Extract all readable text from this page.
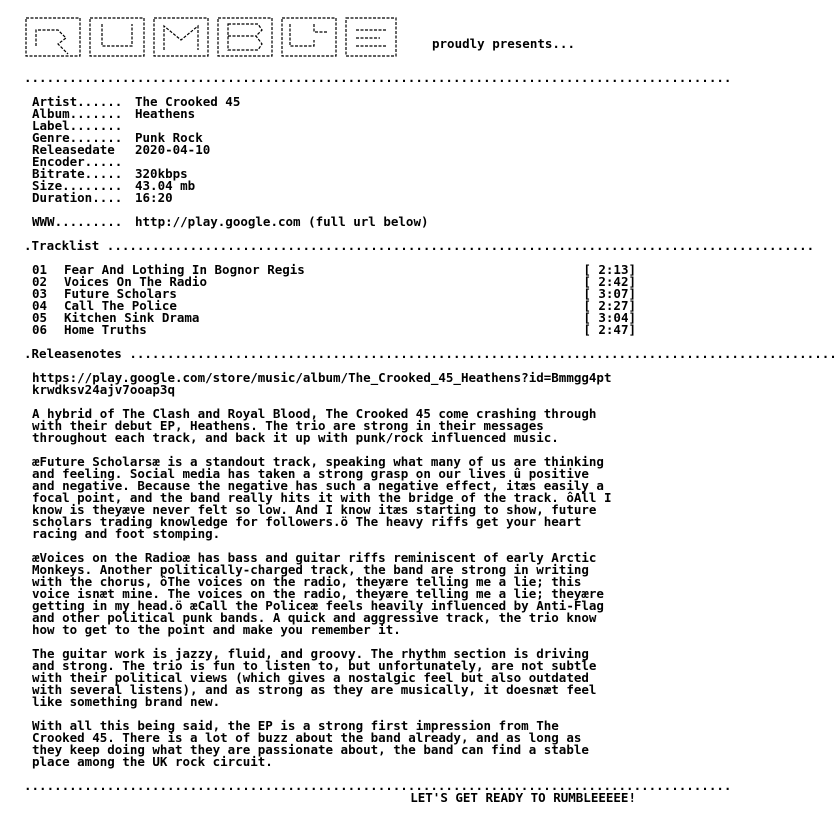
proudly presents...
..............................................................................................
Artist......	The Crooked 45
Album.......	Heathens
Label.......
Genre.......	Punk Rock
Releasedate	2020-04-10
Encoder.....
Bitrate.....	320kbps
Size........	43.04 mb
Duration....	16:20
WWW.........	http://play.google.com (full url below)
.Tracklist ..............................................................................................
01	Fear And Lothing In Bognor Regis	[ 2:13]
02	Voices On The Radio	[ 2:42]
03	Future Scholars	[ 3:07]
04	Call The Police	[ 2:27]
05	Kitchen Sink Drama	[ 3:04]
06	Home Truths	[ 2:47]
.Releasenotes ..............................................................................................
https://play.google.com/store/music/album/The_Crooked_45_Heathens?id=Bmmgg4pt
krwdksv24ajv7ooap3q
A hybrid of The Clash and Royal Blood, The Crooked 45 come crashing through
with their debut EP, Heathens. The trio are strong in their messages
throughout each track, and back it up with punk/rock influenced music.
æFuture Scholarsæ is a standout track, speaking what many of us are thinking
and feeling. Social media has taken a strong grasp on our lives û positive
and negative. Because the negative has such a negative effect, itæs easily a
focal point, and the band really hits it with the bridge of the track. ôAll I
know is theyæve never felt so low. And I know itæs starting to show, future
scholars trading knowledge for followers.ö The heavy riffs get your heart
racing and foot stomping.
æVoices on the Radioæ has bass and guitar riffs reminiscent of early Arctic
Monkeys. Another politically-charged track, the band are strong in writing
with the chorus, ôThe voices on the radio, theyære telling me a lie; this
voice isnæt mine. The voices on the radio, theyære telling me a lie; theyære
getting in my head.ö æCall the Policeæ feels heavily influenced by Anti-Flag
and other political punk bands. A quick and aggressive track, the trio know
how to get to the point and make you remember it.
The guitar work is jazzy, fluid, and groovy. The rhythm section is driving
and strong. The trio is fun to listen to, but unfortunately, are not subtle
with their political views (which gives a nostalgic feel but also outdated
with several listens), and as strong as they are musically, it doesnæt feel
like something brand new.
With all this being said, the EP is a strong first impression from The
Crooked 45. There is a lot of buzz about the band already, and as long as
they keep doing what they are passionate about, the band can find a stable
place among the UK rock circuit.
..............................................................................................
LET'S GET READY TO RUMBLEEEEE!
